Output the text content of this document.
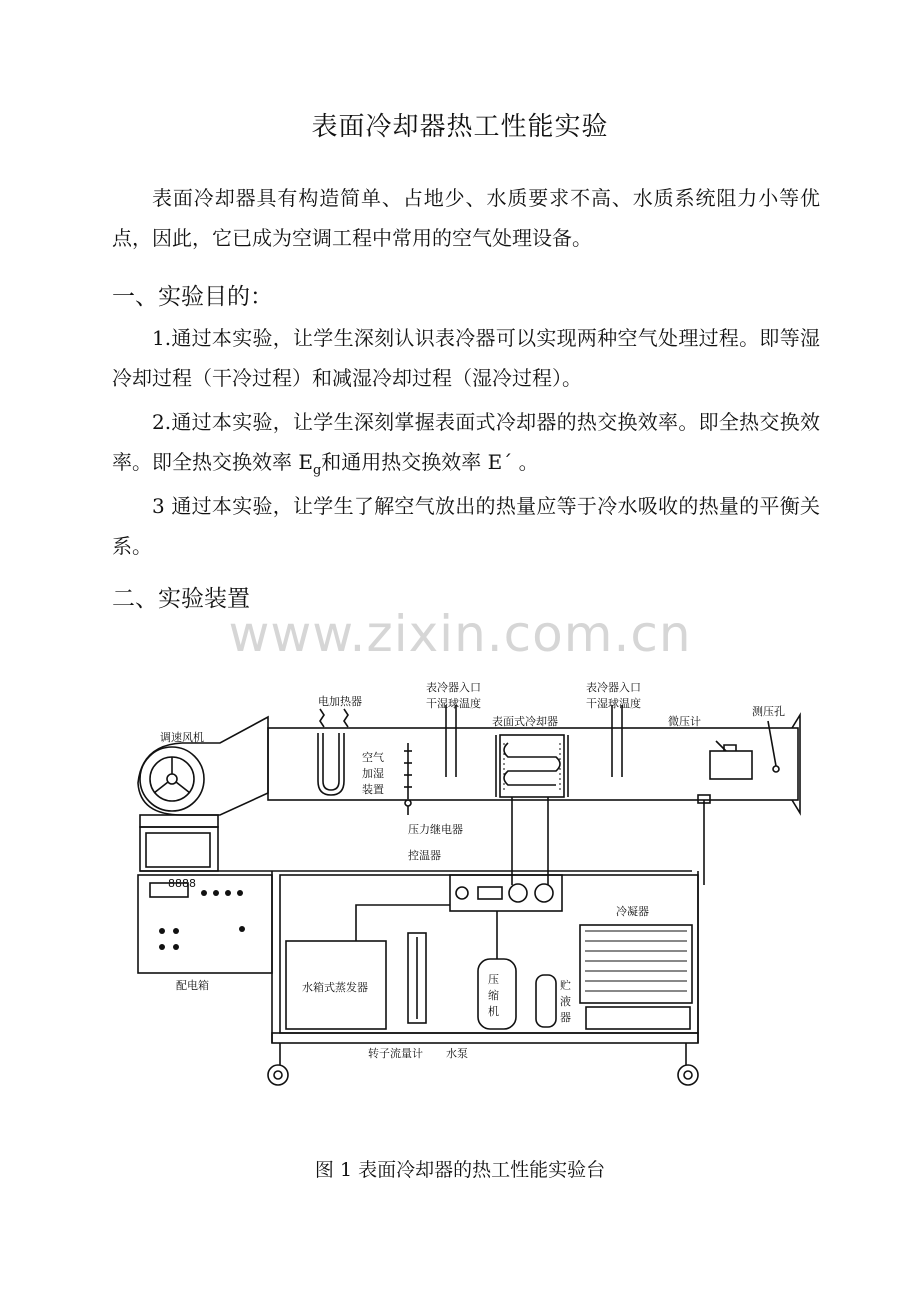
表面冷却器热工性能实验
表面冷却器具有构造简单、占地少、水质要求不高、水质系统阻力小等优点，因此，它已成为空调工程中常用的空气处理设备。
一、实验目的：
1.通过本实验，让学生深刻认识表冷器可以实现两种空气处理过程。即等湿冷却过程（干冷过程）和减湿冷却过程（湿冷过程）。
2.通过本实验，让学生深刻掌握表面式冷却器的热交换效率。即全热交换效率。即全热交换效率 $E_g$和通用热交换效率 E´ 。
3 通过本实验，让学生了解空气放出的热量应等于冷水吸收的热量的平衡关系。
二、实验装置
www.zixin.com.cn
8888
调速风机
电加热器
空气
加湿
装置
表冷器入口
干湿球温度
表面式冷却器
表冷器入口
干湿球温度
微压计
测压孔
压力继电器
控温器
冷凝器
水箱式蒸发器
压
缩
机
贮
液
器
配电箱
转子流量计 水泵
图 1 表面冷却器的热工性能实验台
